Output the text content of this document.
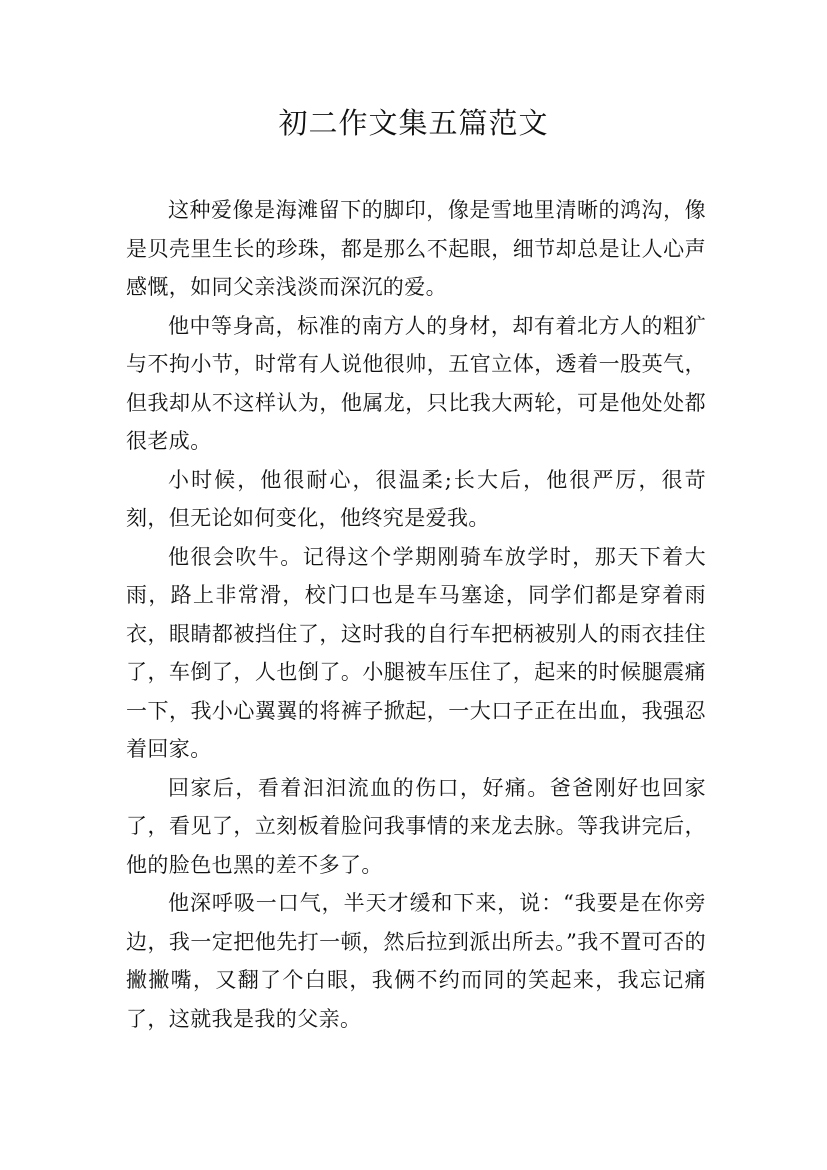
初二作文集五篇范文

这种爱像是海滩留下的脚印，像是雪地里清晰的鸿沟，像是贝壳里生长的珍珠，都是那么不起眼，细节却总是让人心声感慨，如同父亲浅淡而深沉的爱。

他中等身高，标准的南方人的身材，却有着北方人的粗犷与不拘小节，时常有人说他很帅，五官立体，透着一股英气，但我却从不这样认为，他属龙，只比我大两轮，可是他处处都很老成。

小时候，他很耐心，很温柔;长大后，他很严厉，很苛刻，但无论如何变化，他终究是爱我。

他很会吹牛。记得这个学期刚骑车放学时，那天下着大雨，路上非常滑，校门口也是车马塞途，同学们都是穿着雨衣，眼睛都被挡住了，这时我的自行车把柄被别人的雨衣挂住了，车倒了，人也倒了。小腿被车压住了，起来的时候腿震痛一下，我小心翼翼的将裤子掀起，一大口子正在出血，我强忍着回家。

回家后，看着汩汩流血的伤口，好痛。爸爸刚好也回家了，看见了，立刻板着脸问我事情的来龙去脉。等我讲完后，他的脸色也黑的差不多了。

他深呼吸一口气，半天才缓和下来，说：“我要是在你旁边，我一定把他先打一顿，然后拉到派出所去。”我不置可否的撇撇嘴，又翻了个白眼，我俩不约而同的笑起来，我忘记痛了，这就我是我的父亲。
